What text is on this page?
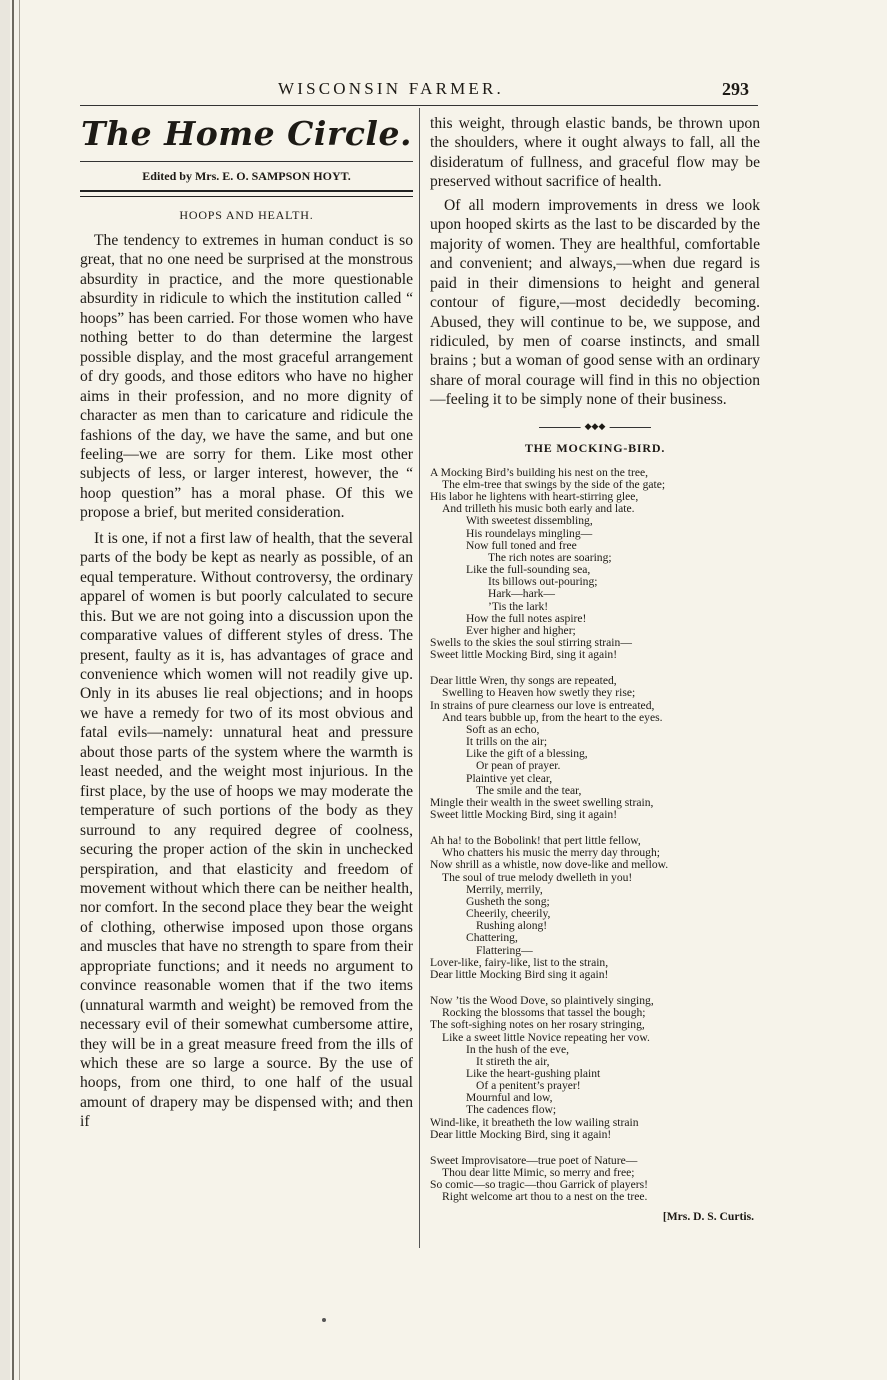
WISCONSIN FARMER.	293
The Home Circle.
Edited by Mrs. E. O. SAMPSON HOYT.
HOOPS AND HEALTH.

The tendency to extremes in human conduct is so great, that no one need be surprised at the monstrous absurdity in practice, and the more questionable absurdity in ridicule to which the institution called “ hoops” has been carried. For those women who have nothing better to do than determine the largest possible display, and the most graceful arrangement of dry goods, and those editors who have no higher aims in their profession, and no more dignity of character as men than to caricature and ridicule the fashions of the day, we have the same, and but one feeling—we are sorry for them. Like most other subjects of less, or larger interest, however, the “ hoop question” has a moral phase. Of this we propose a brief, but merited consideration.

It is one, if not a first law of health, that the several parts of the body be kept as nearly as possible, of an equal temperature. Without controversy, the ordinary apparel of women is but poorly calculated to secure this. But we are not going into a discussion upon the comparative values of different styles of dress. The present, faulty as it is, has advantages of grace and convenience which women will not readily give up. Only in its abuses lie real objections; and in hoops we have a remedy for two of its most obvious and fatal evils—namely: unnatural heat and pressure about those parts of the system where the warmth is least needed, and the weight most injurious. In the first place, by the use of hoops we may moderate the temperature of such portions of the body as they surround to any required degree of coolness, securing the proper action of the skin in unchecked perspiration, and that elasticity and freedom of movement without which there can be neither health, nor comfort. In the second place they bear the weight of clothing, otherwise imposed upon those organs and muscles that have no strength to spare from their appropriate functions; and it needs no argument to convince reasonable women that if the two items (unnatural warmth and weight) be removed from the necessary evil of their somewhat cumbersome attire, they will be in a great measure freed from the ills of which these are so large a source. By the use of hoops, from one third, to one half of the usual amount of drapery may be dispensed with; and then if

this weight, through elastic bands, be thrown upon the shoulders, where it ought always to fall, all the disideratum of fullness, and graceful flow may be preserved without sacrifice of health.

Of all modern improvements in dress we look upon hooped skirts as the last to be discarded by the majority of women. They are healthful, comfortable and convenient; and always,—when due regard is paid in their dimensions to height and general contour of figure,—most decidedly becoming. Abused, they will continue to be, we suppose, and ridiculed, by men of coarse instincts, and small brains ; but a woman of good sense with an ordinary share of moral courage will find in this no objection—feeling it to be simply none of their business.

◆◆◆
THE MOCKING-BIRD.
A Mocking Bird’s building his nest on the tree,
The elm-tree that swings by the side of the gate;
His labor he lightens with heart-stirring glee,
And trilleth his music both early and late.
With sweetest dissembling,
His roundelays mingling—
Now full toned and free
The rich notes are soaring;
Like the full-sounding sea,
Its billows out-pouring;
Hark—hark—
’Tis the lark!
How the full notes aspire!
Ever higher and higher;
Swells to the skies the soul stirring strain—
Sweet little Mocking Bird, sing it again!
Dear little Wren, thy songs are repeated,
Swelling to Heaven how swetly they rise;
In strains of pure clearness our love is entreated,
And tears bubble up, from the heart to the eyes.
Soft as an echo,
It trills on the air;
Like the gift of a blessing,
Or pean of prayer.
Plaintive yet clear,
The smile and the tear,
Mingle their wealth in the sweet swelling strain,
Sweet little Mocking Bird, sing it again!
Ah ha! to the Bobolink! that pert little fellow,
Who chatters his music the merry day through;
Now shrill as a whistle, now dove-like and mellow.
The soul of true melody dwelleth in you!
Merrily, merrily,
Gusheth the song;
Cheerily, cheerily,
Rushing along!
Chattering,
Flattering—
Lover-like, fairy-like, list to the strain,
Dear little Mocking Bird sing it again!
Now ’tis the Wood Dove, so plaintively singing,
Rocking the blossoms that tassel the bough;
The soft-sighing notes on her rosary stringing,
Like a sweet little Novice repeating her vow.
In the hush of the eve,
It stireth the air,
Like the heart-gushing plaint
Of a penitent’s prayer!
Mournful and low,
The cadences flow;
Wind-like, it breatheth the low wailing strain
Dear little Mocking Bird, sing it again!
Sweet Improvisatore—true poet of Nature—
Thou dear litte Mimic, so merry and free;
So comic—so tragic—thou Garrick of players!
Right welcome art thou to a nest on the tree.
[Mrs. D. S. Curtis.
